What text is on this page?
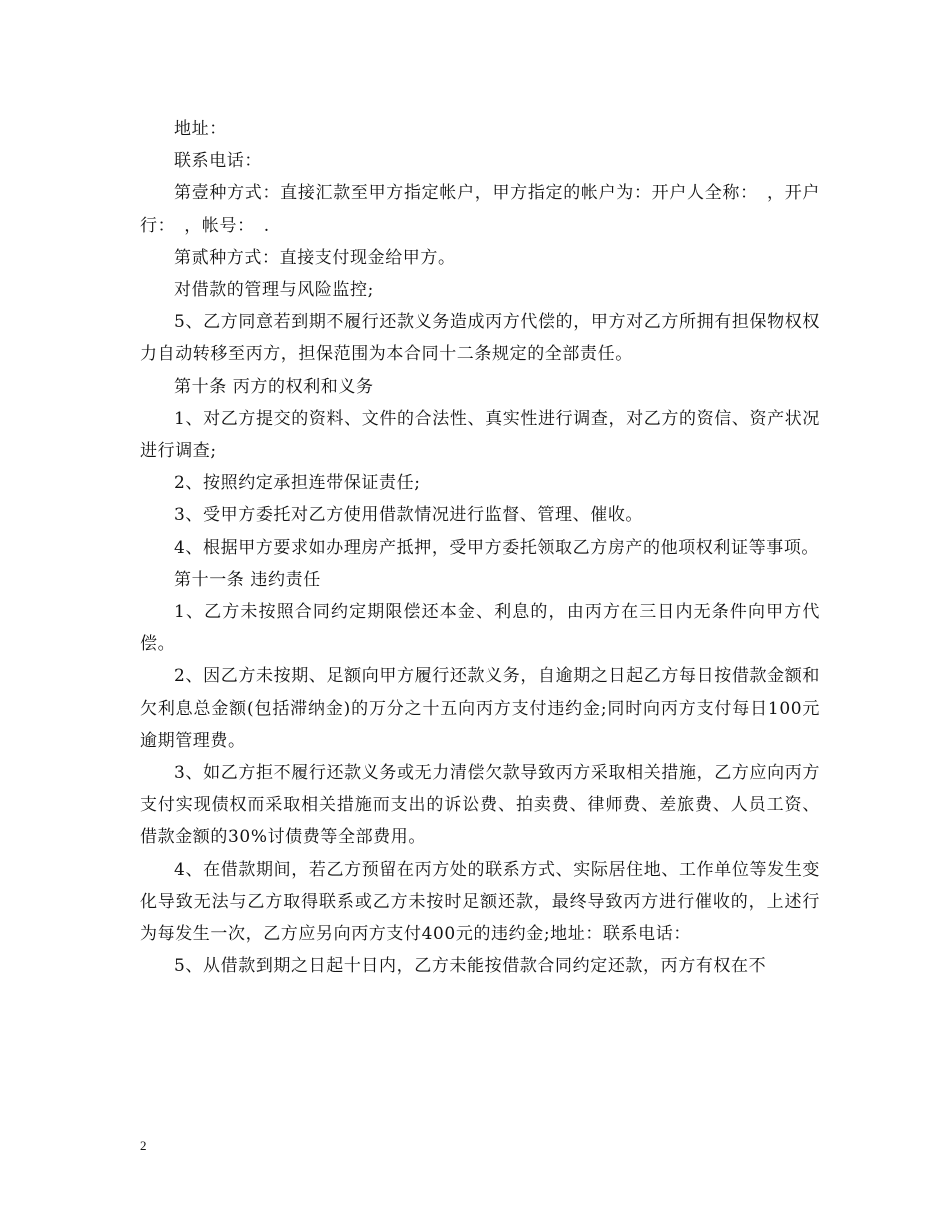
地址：

联系电话：

第壹种方式：直接汇款至甲方指定帐户，甲方指定的帐户为：开户人全称：　，开户行：　，帐号：　.

第贰种方式：直接支付现金给甲方。

对借款的管理与风险监控;

5、乙方同意若到期不履行还款义务造成丙方代偿的，甲方对乙方所拥有担保物权权力自动转移至丙方，担保范围为本合同十二条规定的全部责任。

第十条 丙方的权利和义务

1、对乙方提交的资料、文件的合法性、真实性进行调查，对乙方的资信、资产状况进行调查;

2、按照约定承担连带保证责任;

3、受甲方委托对乙方使用借款情况进行监督、管理、催收。

4、根据甲方要求如办理房产抵押，受甲方委托领取乙方房产的他项权利证等事项。

第十一条 违约责任

1、乙方未按照合同约定期限偿还本金、利息的，由丙方在三日内无条件向甲方代偿。

2、因乙方未按期、足额向甲方履行还款义务，自逾期之日起乙方每日按借款金额和欠利息总金额(包括滞纳金)的万分之十五向丙方支付违约金;同时向丙方支付每日100元逾期管理费。

3、如乙方拒不履行还款义务或无力清偿欠款导致丙方采取相关措施，乙方应向丙方支付实现债权而采取相关措施而支出的诉讼费、拍卖费、律师费、差旅费、人员工资、借款金额的30%讨债费等全部费用。

4、在借款期间，若乙方预留在丙方处的联系方式、实际居住地、工作单位等发生变化导致无法与乙方取得联系或乙方未按时足额还款，最终导致丙方进行催收的，上述行为每发生一次，乙方应另向丙方支付400元的违约金;地址：联系电话：

5、从借款到期之日起十日内，乙方未能按借款合同约定还款，丙方有权在不

2
